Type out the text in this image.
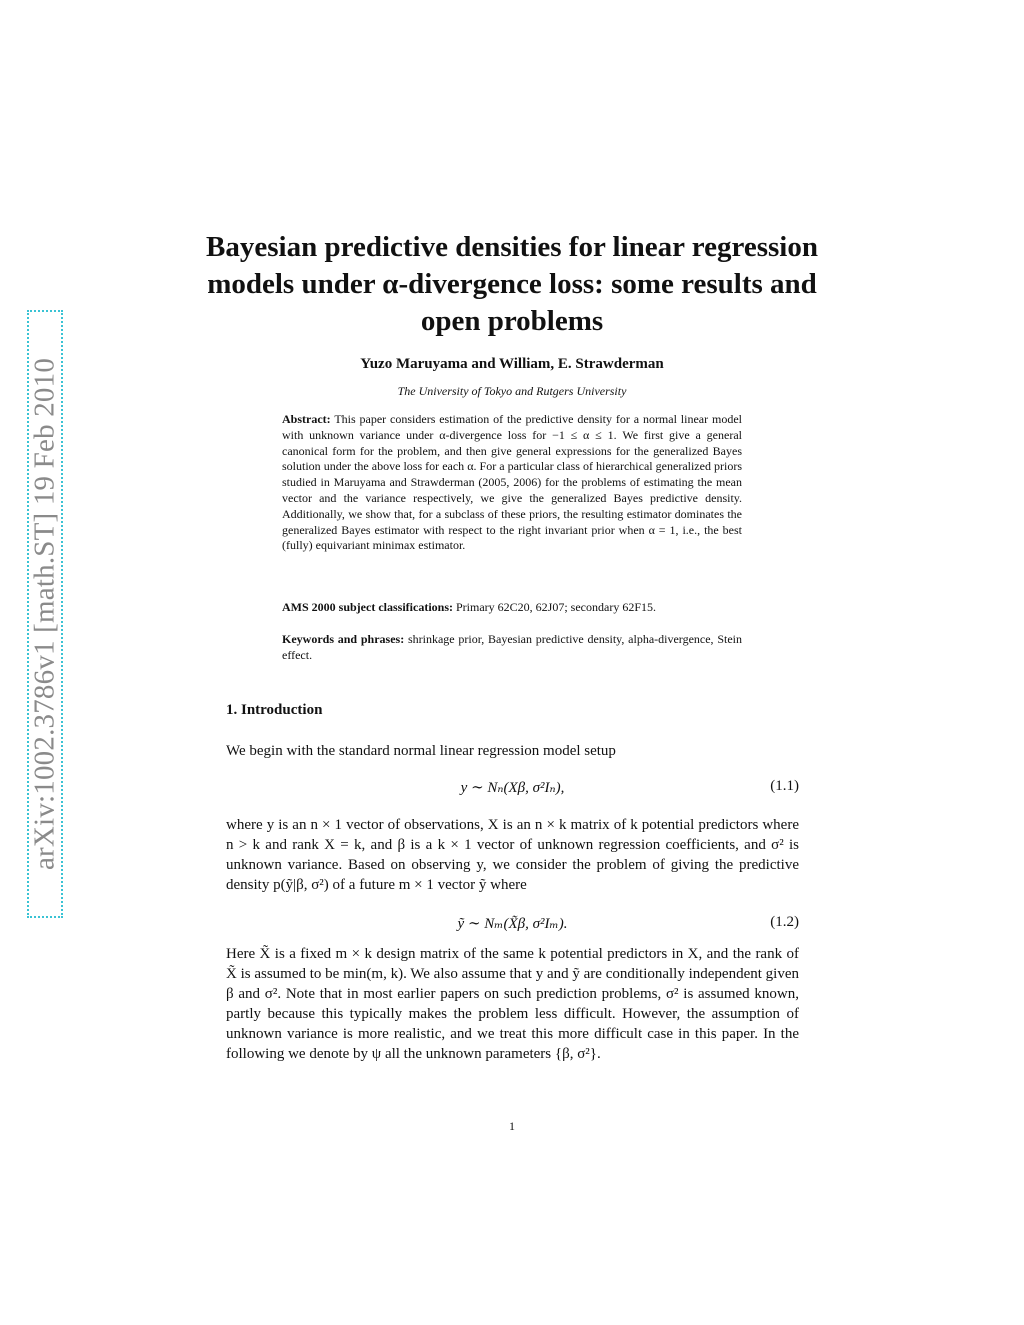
arXiv:1002.3786v1 [math.ST] 19 Feb 2010
Bayesian predictive densities for linear regression models under α-divergence loss: some results and open problems
Yuzo Maruyama and William, E. Strawderman
The University of Tokyo and Rutgers University
Abstract: This paper considers estimation of the predictive density for a normal linear model with unknown variance under α-divergence loss for −1 ≤ α ≤ 1. We first give a general canonical form for the problem, and then give general expressions for the generalized Bayes solution under the above loss for each α. For a particular class of hierarchical generalized priors studied in Maruyama and Strawderman (2005, 2006) for the problems of estimating the mean vector and the variance respectively, we give the generalized Bayes predictive density. Additionally, we show that, for a subclass of these priors, the resulting estimator dominates the generalized Bayes estimator with respect to the right invariant prior when α = 1, i.e., the best (fully) equivariant minimax estimator.
AMS 2000 subject classifications: Primary 62C20, 62J07; secondary 62F15.
Keywords and phrases: shrinkage prior, Bayesian predictive density, alpha-divergence, Stein effect.
1. Introduction
We begin with the standard normal linear regression model setup
y ∼ Nₙ(Xβ, σ²Iₙ),	(1.1)
where y is an n × 1 vector of observations, X is an n × k matrix of k potential predictors where n > k and rank X = k, and β is a k × 1 vector of unknown regression coefficients, and σ² is unknown variance. Based on observing y, we consider the problem of giving the predictive density p(ỹ|β, σ²) of a future m × 1 vector ỹ where
ỹ ∼ Nₘ(X̃β, σ²Iₘ).	(1.2)
Here X̃ is a fixed m × k design matrix of the same k potential predictors in X, and the rank of X̃ is assumed to be min(m, k). We also assume that y and ỹ are conditionally independent given β and σ². Note that in most earlier papers on such prediction problems, σ² is assumed known, partly because this typically makes the problem less difficult. However, the assumption of unknown variance is more realistic, and we treat this more difficult case in this paper. In the following we denote by ψ all the unknown parameters {β, σ²}.
1
